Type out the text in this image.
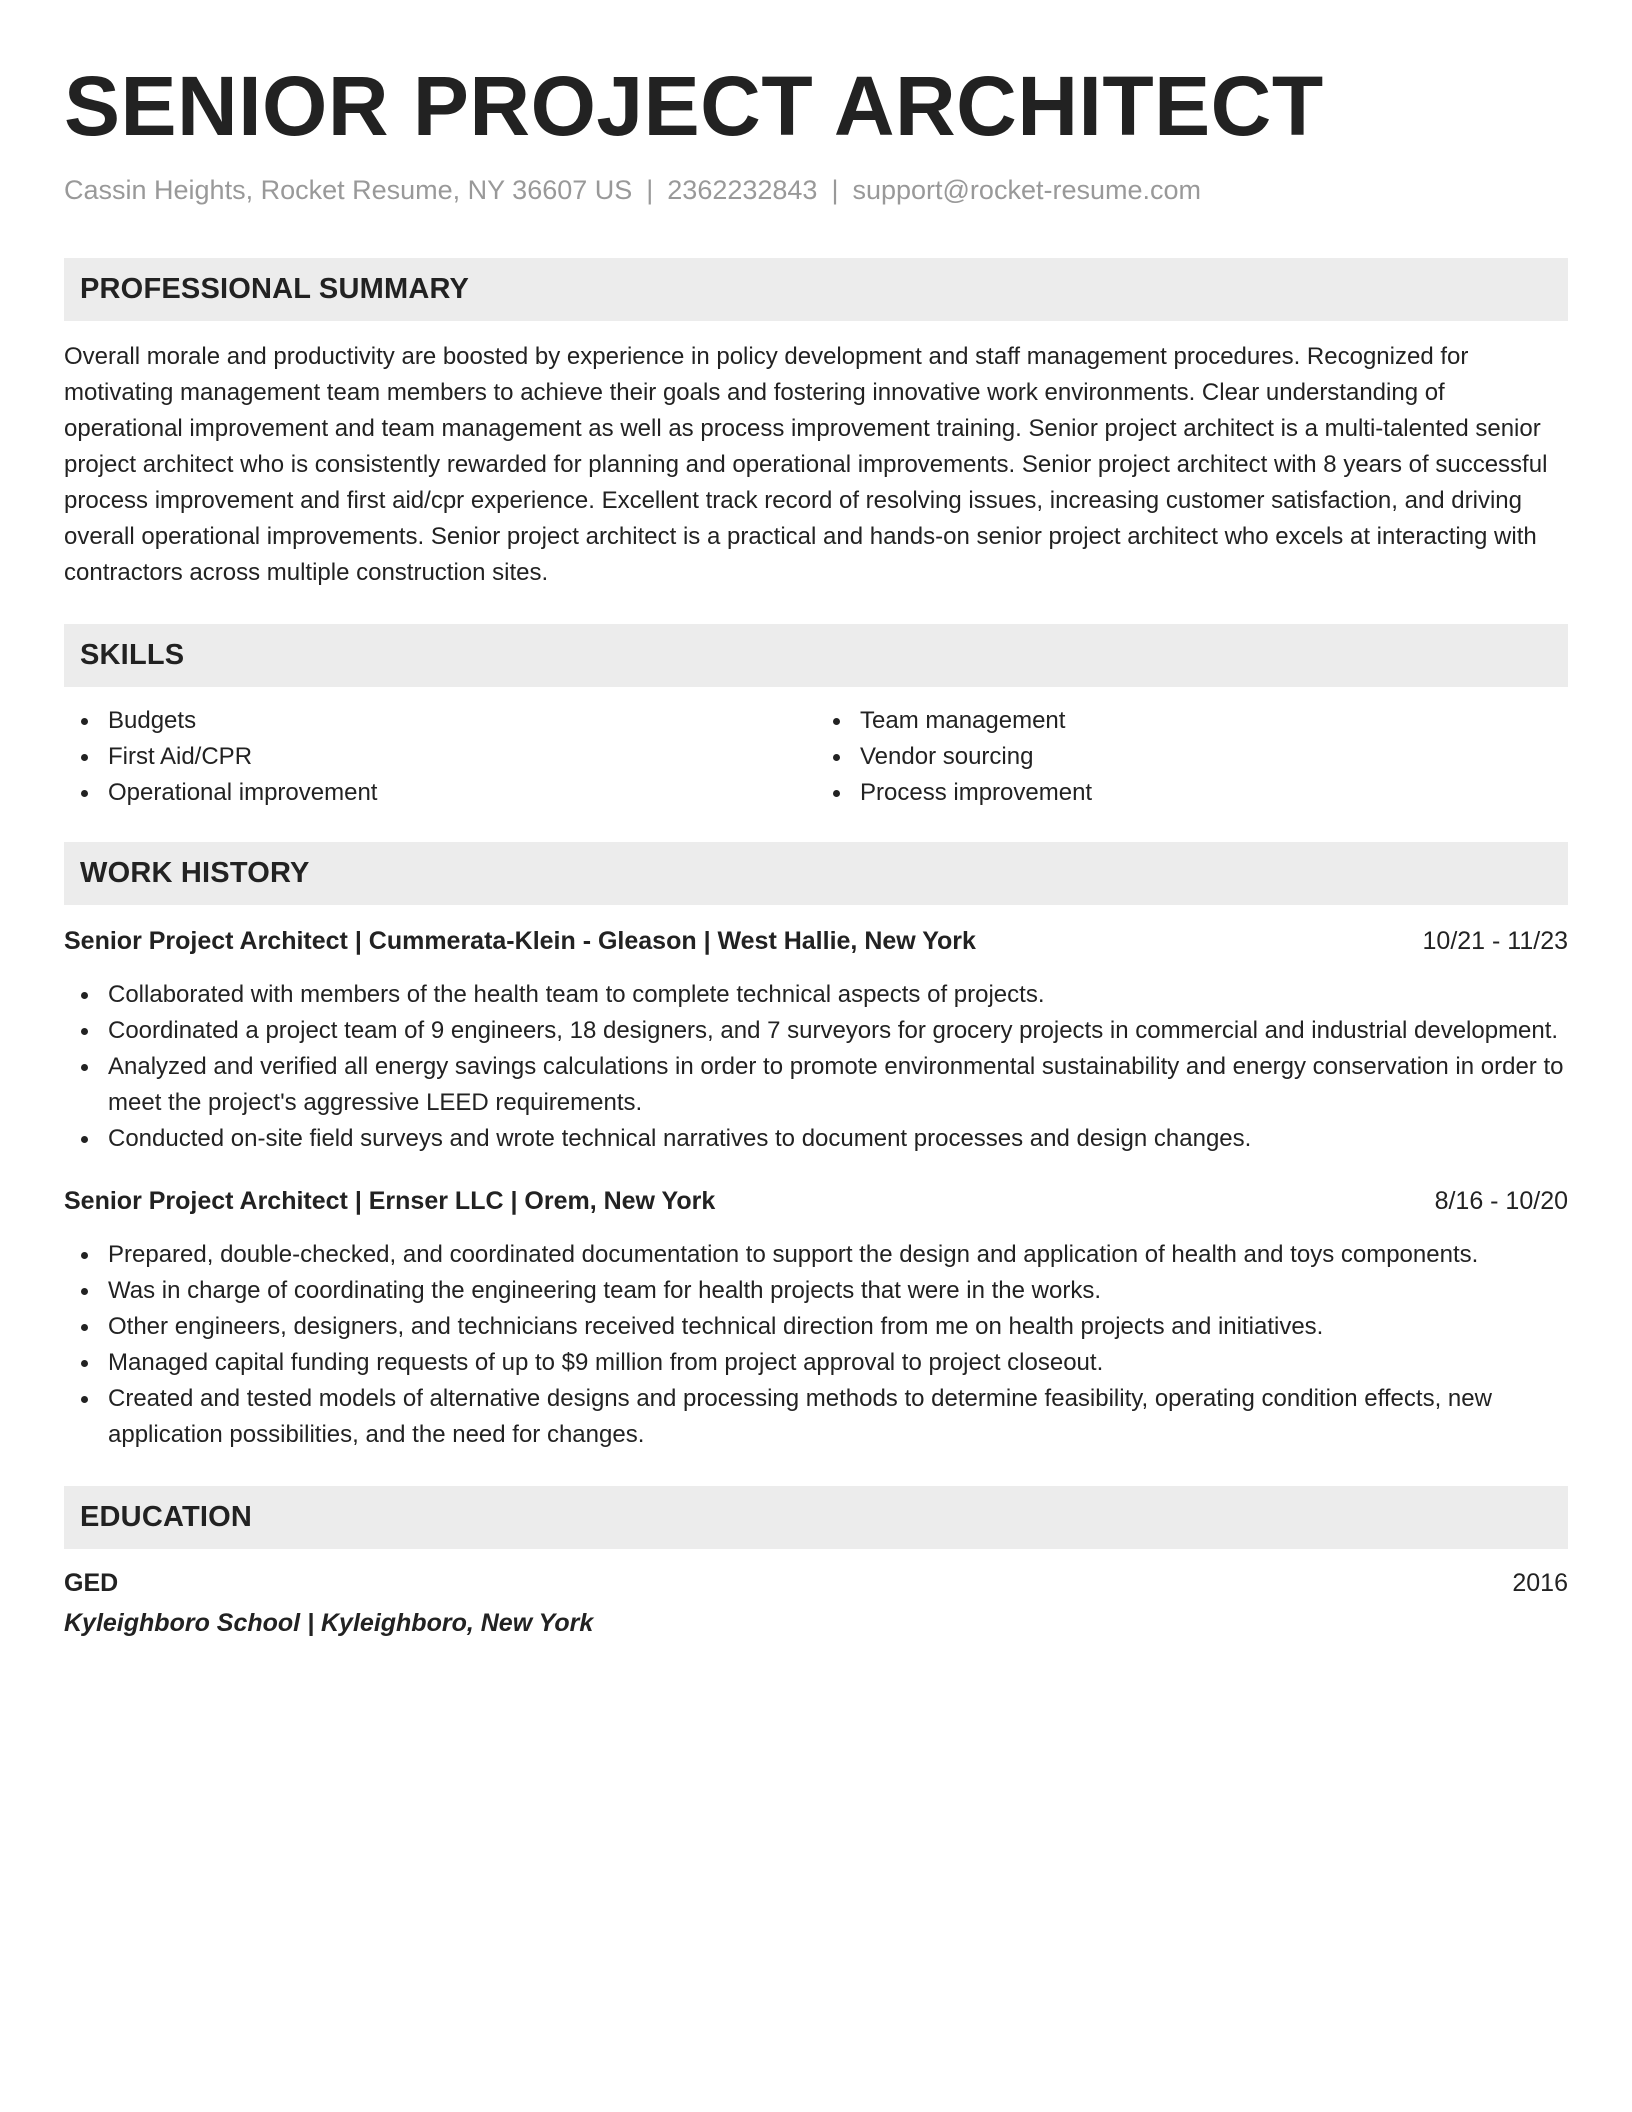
SENIOR PROJECT ARCHITECT
Cassin Heights, Rocket Resume, NY 36607 US | 2362232843 | support@rocket-resume.com
PROFESSIONAL SUMMARY

Overall morale and productivity are boosted by experience in policy development and staff management procedures. Recognized for motivating management team members to achieve their goals and fostering innovative work environments. Clear understanding of operational improvement and team management as well as process improvement training. Senior project architect is a multi-talented senior project architect who is consistently rewarded for planning and operational improvements. Senior project architect with 8 years of successful process improvement and first aid/cpr experience. Excellent track record of resolving issues, increasing customer satisfaction, and driving overall operational improvements. Senior project architect is a practical and hands-on senior project architect who excels at interacting with contractors across multiple construction sites.

SKILLS
Budgets
First Aid/CPR
Operational improvement
Team management
Vendor sourcing
Process improvement
WORK HISTORY
Senior Project Architect | Cummerata-Klein - Gleason | West Hallie, New York	10/21 - 11/23
Collaborated with members of the health team to complete technical aspects of projects.
Coordinated a project team of 9 engineers, 18 designers, and 7 surveyors for grocery projects in commercial and industrial development.
Analyzed and verified all energy savings calculations in order to promote environmental sustainability and energy conservation in order to meet the project's aggressive LEED requirements.
Conducted on-site field surveys and wrote technical narratives to document processes and design changes.
Senior Project Architect | Ernser LLC | Orem, New York	8/16 - 10/20
Prepared, double-checked, and coordinated documentation to support the design and application of health and toys components.
Was in charge of coordinating the engineering team for health projects that were in the works.
Other engineers, designers, and technicians received technical direction from me on health projects and initiatives.
Managed capital funding requests of up to $9 million from project approval to project closeout.
Created and tested models of alternative designs and processing methods to determine feasibility, operating condition effects, new application possibilities, and the need for changes.
EDUCATION
GED	2016
Kyleighboro School | Kyleighboro, New York
